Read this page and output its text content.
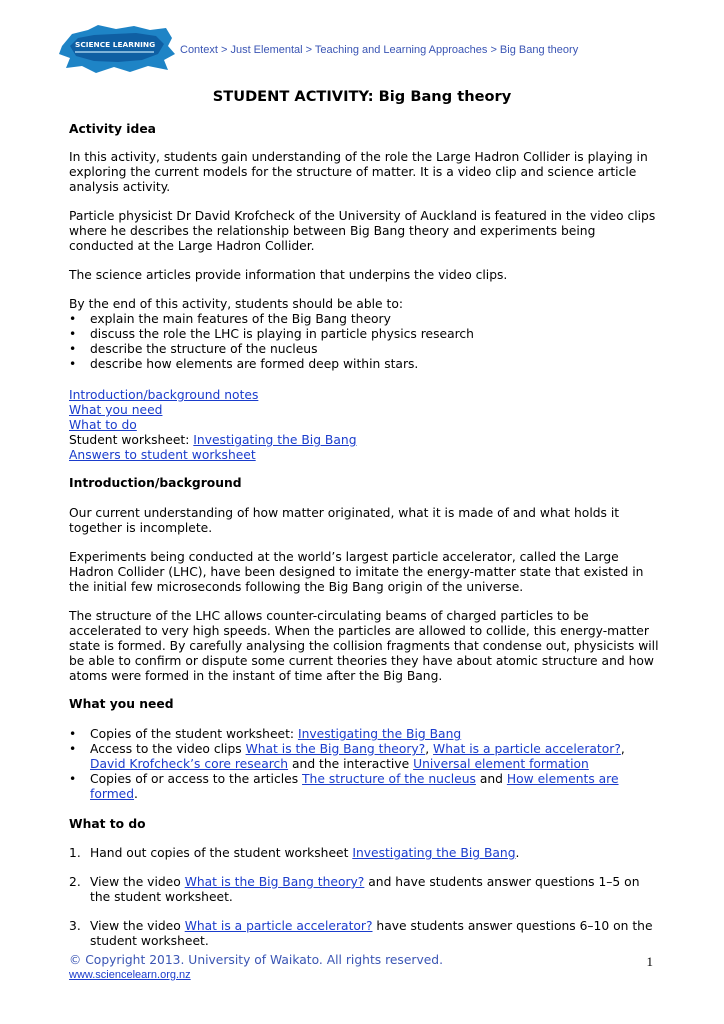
SCIENCE LEARNING Context > Just Elemental > Teaching and Learning Approaches > Big Bang theory
STUDENT ACTIVITY: Big Bang theory
Activity idea

In this activity, students gain understanding of the role the Large Hadron Collider is playing in exploring the current models for the structure of matter. It is a video clip and science article analysis activity.

Particle physicist Dr David Krofcheck of the University of Auckland is featured in the video clips where he describes the relationship between Big Bang theory and experiments being conducted at the Large Hadron Collider.

The science articles provide information that underpins the video clips.

By the end of this activity, students should be able to:

• explain the main features of the Big Bang theory
• discuss the role the LHC is playing in particle physics research
• describe the structure of the nucleus
• describe how elements are formed deep within stars.
Introduction/background notes
What you need
What to do
Student worksheet: Investigating the Big Bang
Answers to student worksheet
Introduction/background

Our current understanding of how matter originated, what it is made of and what holds it together is incomplete.

Experiments being conducted at the world’s largest particle accelerator, called the Large Hadron Collider (LHC), have been designed to imitate the energy-matter state that existed in the initial few microseconds following the Big Bang origin of the universe.

The structure of the LHC allows counter-circulating beams of charged particles to be accelerated to very high speeds. When the particles are allowed to collide, this energy-matter state is formed. By carefully analysing the collision fragments that condense out, physicists will be able to confirm or dispute some current theories they have about atomic structure and how atoms were formed in the instant of time after the Big Bang.

What you need
• Copies of the student worksheet: Investigating the Big Bang
• Access to the video clips What is the Big Bang theory?, What is a particle accelerator?, David Krofcheck’s core research and the interactive Universal element formation
• Copies of or access to the articles The structure of the nucleus and How elements are formed.
What to do
1. Hand out copies of the student worksheet Investigating the Big Bang.
2. View the video What is the Big Bang theory? and have students answer questions 1–5 on the student worksheet.
3. View the video What is a particle accelerator? have students answer questions 6–10 on the student worksheet.
© Copyright 2013. University of Waikato. All rights reserved.	1
www.sciencelearn.org.nz
